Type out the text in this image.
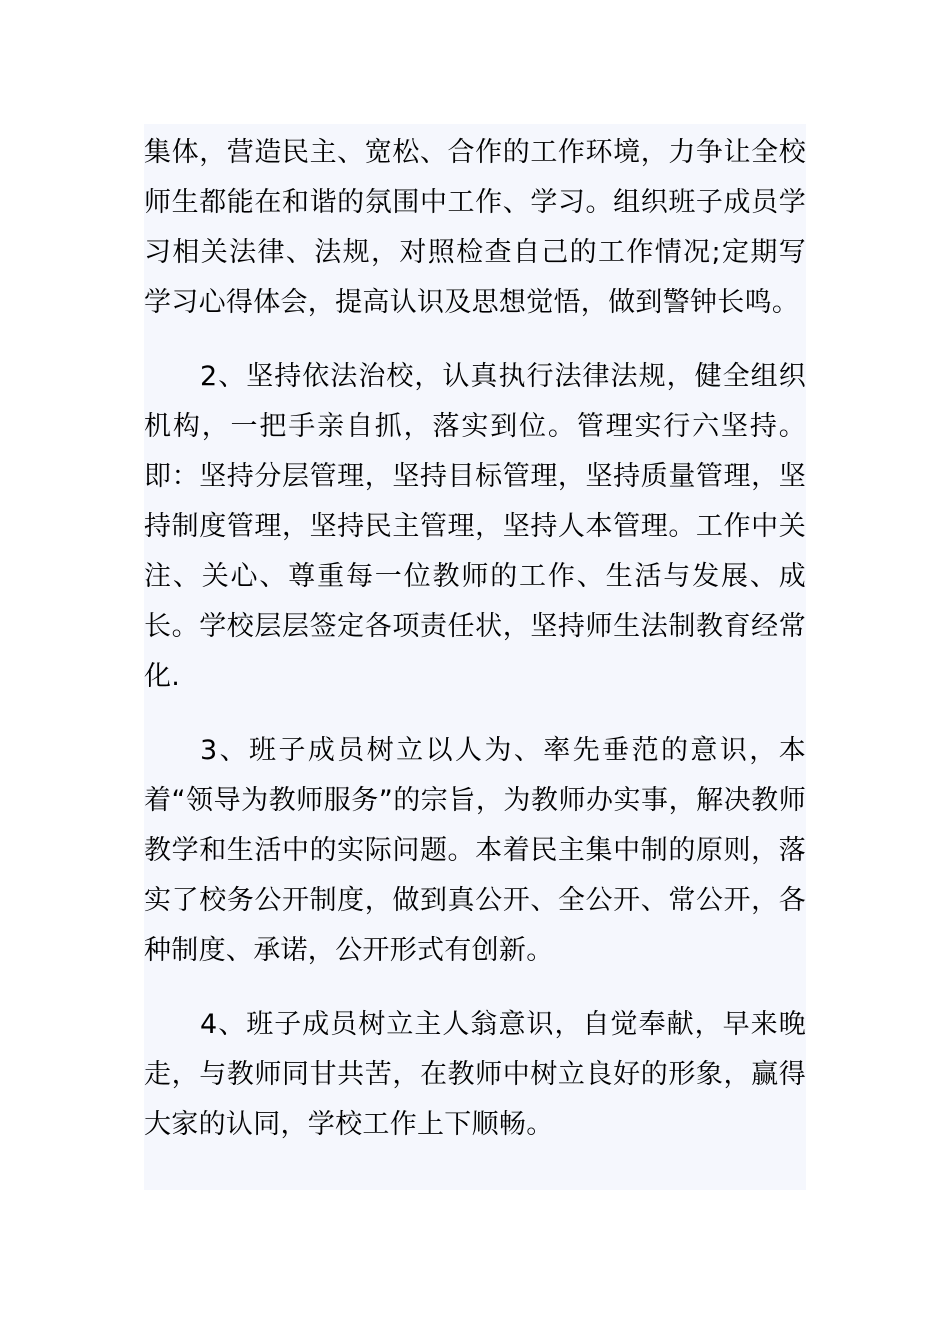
集体，营造民主、宽松、合作的工作环境，力争让全校师生都能在和谐的氛围中工作、学习。组织班子成员学习相关法律、法规，对照检查自己的工作情况;定期写学习心得体会，提高认识及思想觉悟，做到警钟长鸣。

2、坚持依法治校，认真执行法律法规，健全组织机构，一把手亲自抓，落实到位。管理实行六坚持。即：坚持分层管理，坚持目标管理，坚持质量管理，坚持制度管理，坚持民主管理，坚持人本管理。工作中关注、关心、尊重每一位教师的工作、生活与发展、成长。学校层层签定各项责任状，坚持师生法制教育经常化.

3、班子成员树立以人为、率先垂范的意识，本着“领导为教师服务”的宗旨，为教师办实事，解决教师教学和生活中的实际问题。本着民主集中制的原则，落实了校务公开制度，做到真公开、全公开、常公开，各种制度、承诺，公开形式有创新。

4、班子成员树立主人翁意识，自觉奉献，早来晚走，与教师同甘共苦，在教师中树立良好的形象，赢得大家的认同，学校工作上下顺畅。
